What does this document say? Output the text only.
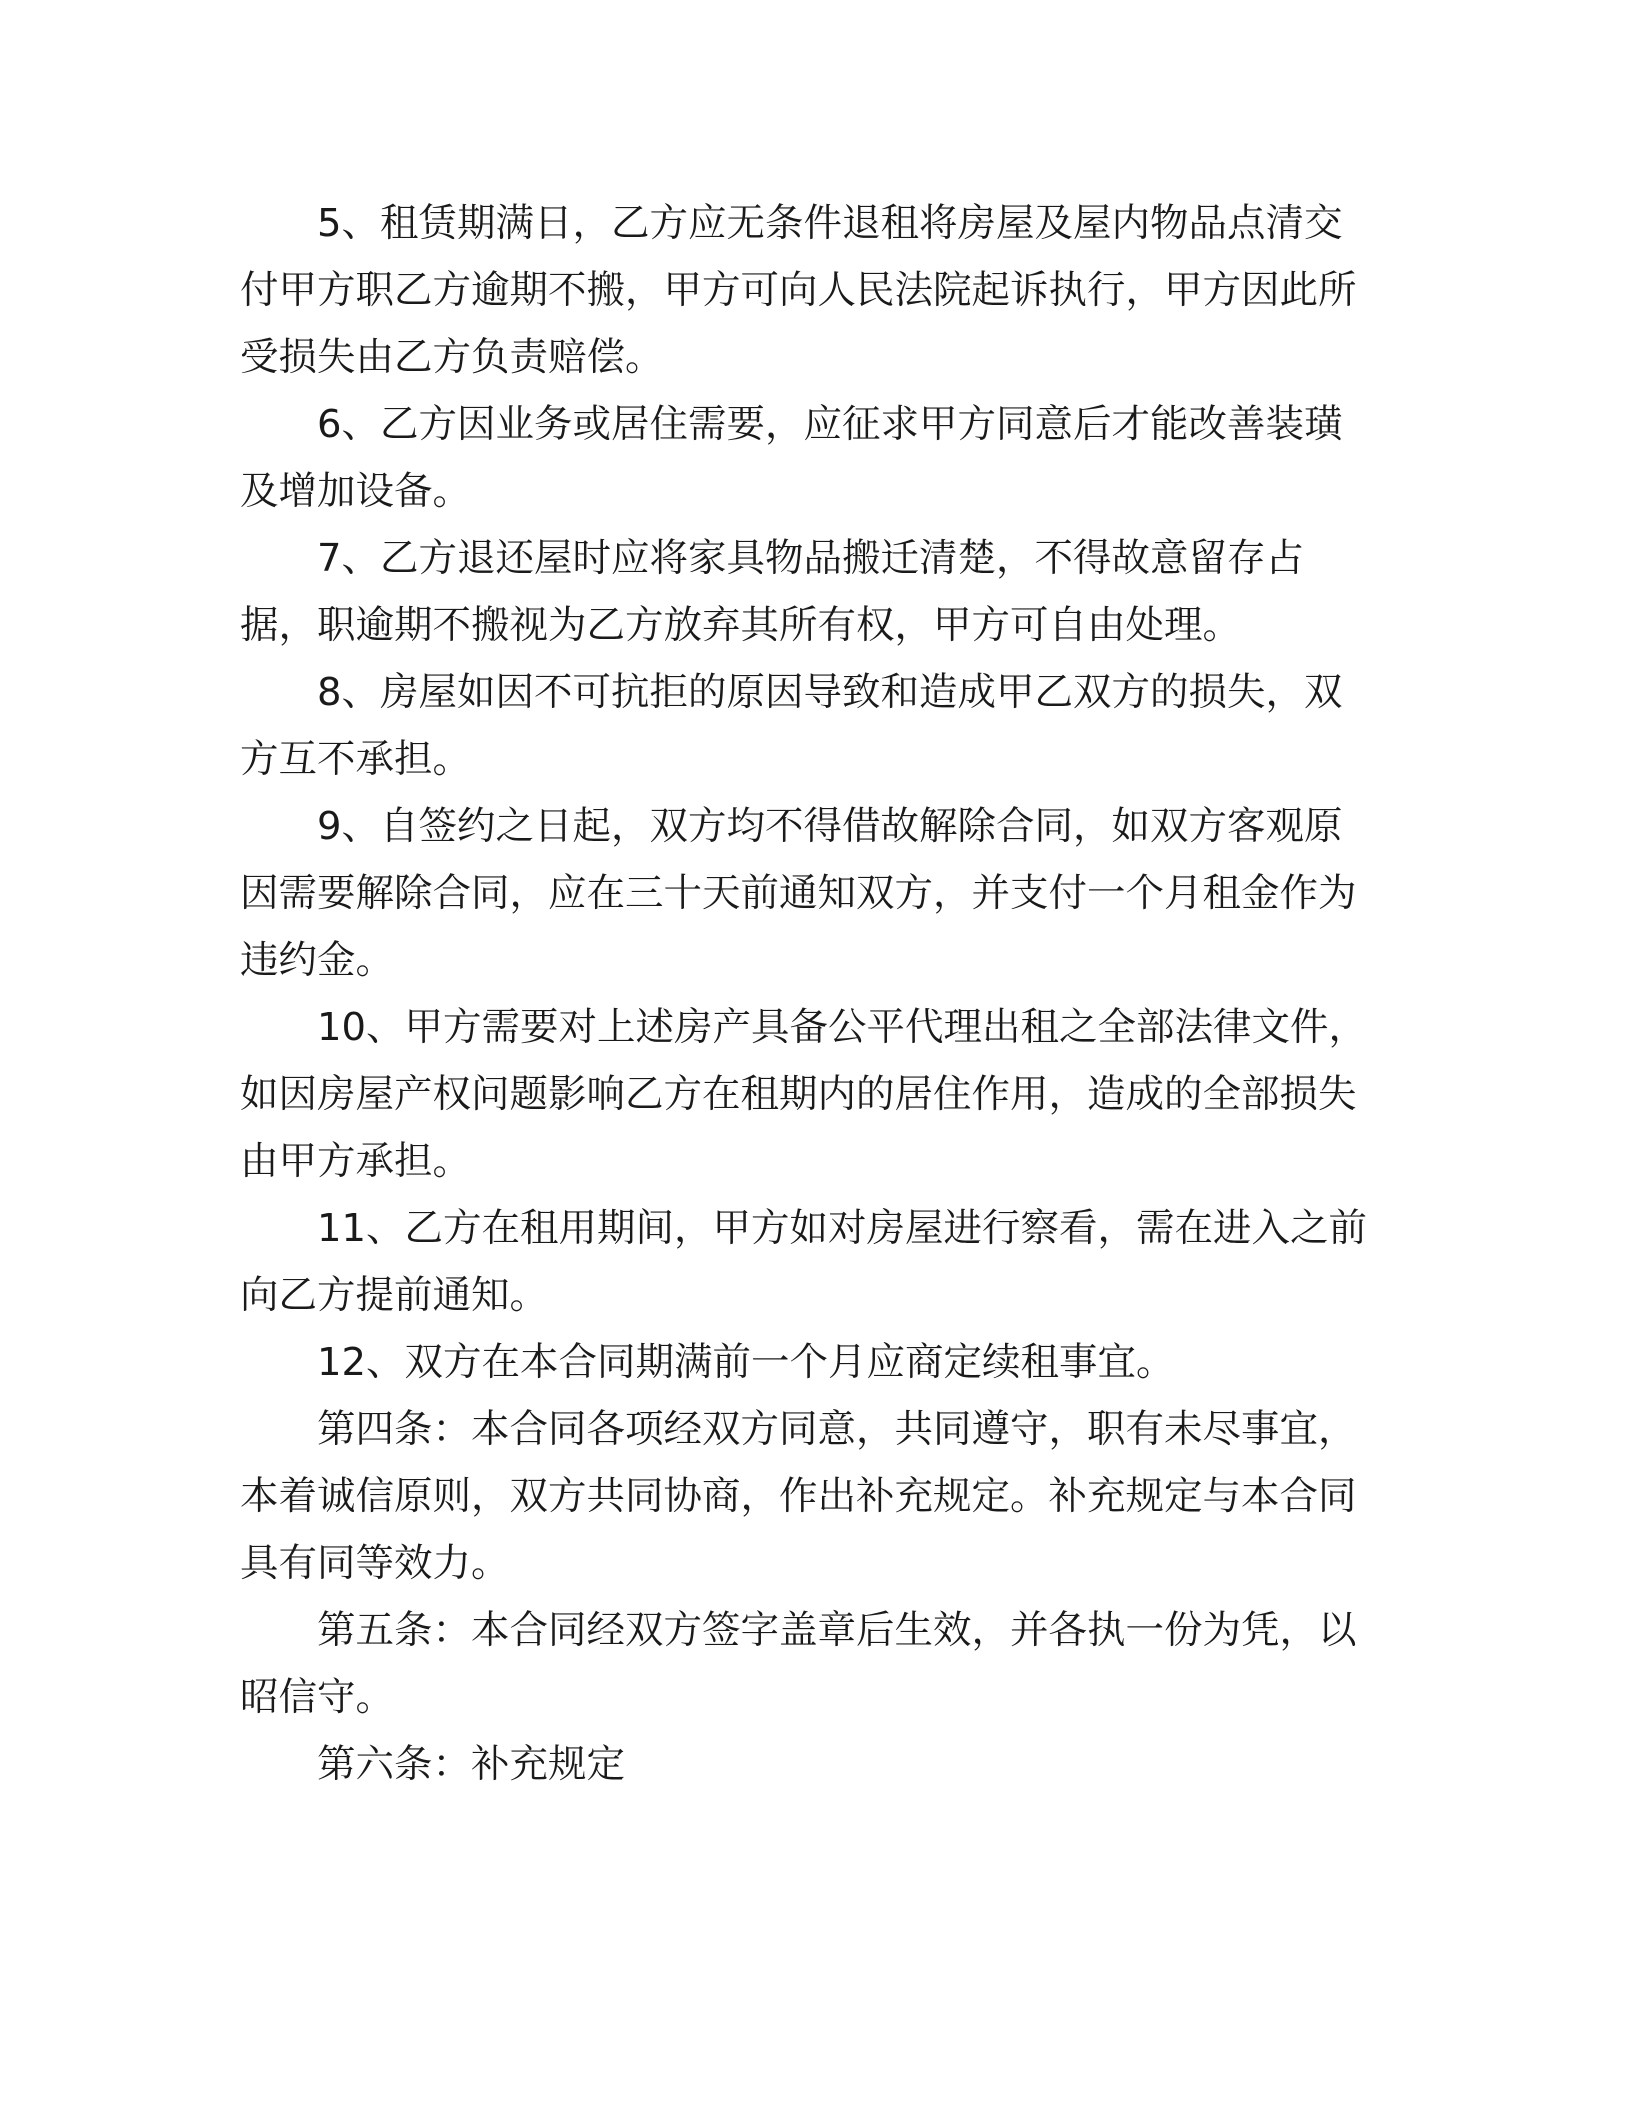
5、租赁期满日，乙方应无条件退租将房屋及屋内物品点清交付甲方职乙方逾期不搬，甲方可向人民法院起诉执行，甲方因此所受损失由乙方负责赔偿。

6、乙方因业务或居住需要，应征求甲方同意后才能改善装璜及增加设备。

7、乙方退还屋时应将家具物品搬迁清楚，不得故意留存占据，职逾期不搬视为乙方放弃其所有权，甲方可自由处理。

8、房屋如因不可抗拒的原因导致和造成甲乙双方的损失，双方互不承担。

9、自签约之日起，双方均不得借故解除合同，如双方客观原因需要解除合同，应在三十天前通知双方，并支付一个月租金作为违约金。

10、甲方需要对上述房产具备公平代理出租之全部法律文件，如因房屋产权问题影响乙方在租期内的居住作用，造成的全部损失由甲方承担。

11、乙方在租用期间，甲方如对房屋进行察看，需在进入之前向乙方提前通知。

12、双方在本合同期满前一个月应商定续租事宜。

第四条：本合同各项经双方同意，共同遵守，职有未尽事宜，本着诚信原则，双方共同协商，作出补充规定。补充规定与本合同具有同等效力。

第五条：本合同经双方签字盖章后生效，并各执一份为凭，以昭信守。

第六条：补充规定
